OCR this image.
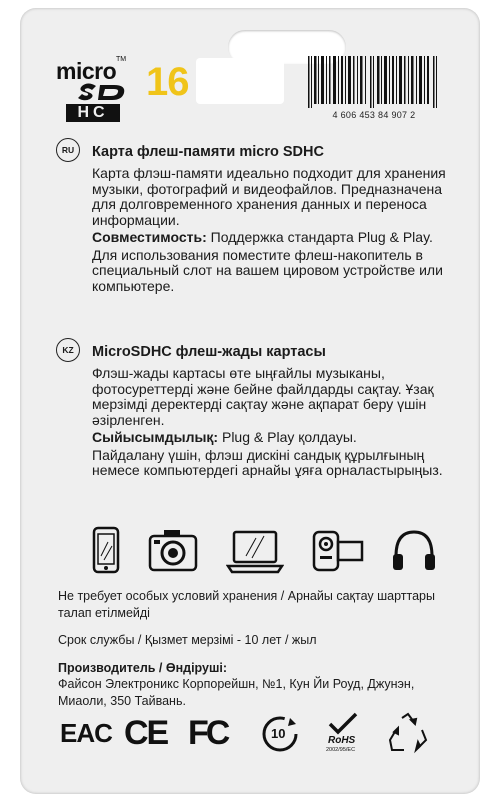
micro TM
HC
16
4 606 453 84 907 2
RU	Карта флеш-памяти micro SDHC

Карта флэш-памяти идеально подходит для хранения музыки, фотографий и видеофайлов. Предназначена для долговременного хранения данных и переноса информации.

Совместимость: Поддержка стандарта Plug & Play.

Для использования поместите флеш-накопитель в специальный слот на вашем цировом устройстве или компьютере.

KZ	MicroSDHC флеш-жады картасы

Флэш-жады картасы өте ыңғайлы музыканы, фотосуреттерді және бейне файлдарды сақтау. Ұзақ мерзімді деректерді сақтау және ақпарат беру үшін әзірленген.

Сыйысымдылық: Plug & Play қолдауы.

Пайдалану үшін, флэш дискіні сандық құрылғының немесе компьютердегі арнайы ұяға орналастырыңыз.

Не требует особых условий хранения / Арнайы сақтау шарттары талап етілмейді
Срок службы / Қызмет мерзімі - 10 лет / жыл
Производитель / Өндіруші:
Файсон Электроникс Корпорейшн, №1, Кун Йи Роуд, Джунэн, Миаоли, 350 Тайвань.
EAC CE FC	10	RoHS
2002/95/EC
